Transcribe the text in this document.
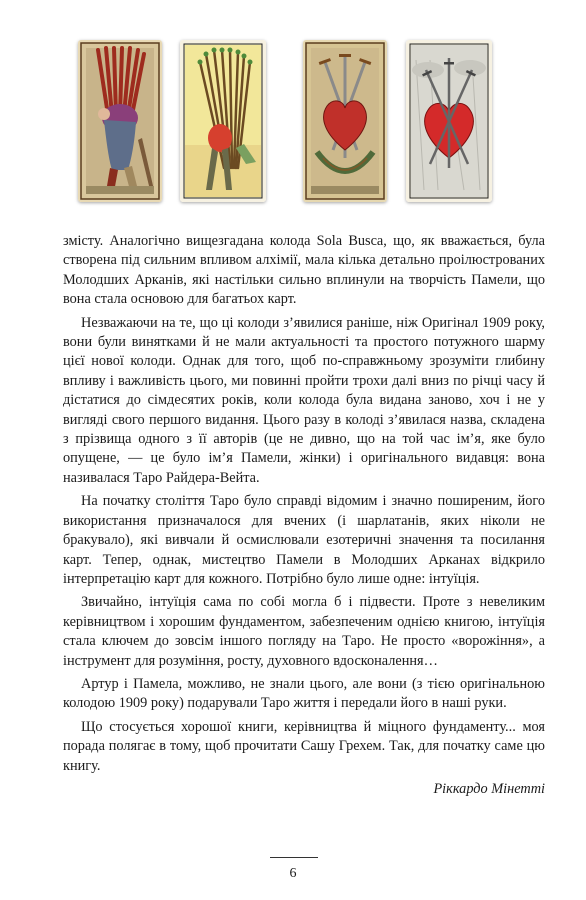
змісту. Аналогічно вищезгадана колода Sola Busca, що, як вважається, була створена під сильним впливом алхімії, мала кілька детально проілюстрованих Молодших Арканів, які настільки сильно вплинули на творчість Памели, що вона стала основою для багатьох карт.

Незважаючи на те, що ці колоди з’явилися раніше, ніж Оригінал 1909 року, вони були винятками й не мали актуальності та простого потужного шарму цієї нової колоди. Однак для того, щоб по-справжньому зрозуміти глибину впливу і важливість цього, ми повинні пройти трохи далі вниз по річці часу й дістатися до сімдесятих років, коли колода була видана заново, хоч і не у вигляді свого першого видання. Цього разу в колоді з’явилася назва, складена з прізвища одного з її авторів (це не дивно, що на той час ім’я, яке було опущене, — це було ім’я Памели, жінки) і оригінального видавця: вона називалася Таро Райдера-Вейта.

На початку століття Таро було справді відомим і значно поширеним, його використання призначалося для вчених (і шарлатанів, яких ніколи не бракувало), які вивчали й осмислювали езотеричні значення та посилання карт. Тепер, однак, мистецтво Памели в Молодших Арканах відкрило інтерпретацію карт для кожного. Потрібно було лише одне: інтуїція.

Звичайно, інтуїція сама по собі могла б і підвести. Проте з невеликим керівництвом і хорошим фундаментом, забезпеченим однією книгою, інтуїція стала ключем до зовсім іншого погляду на Таро. Не просто «ворожіння», а інструмент для розуміння, росту, духовного вдосконалення…

Артур і Памела, можливо, не знали цього, але вони (з тією оригінальною колодою 1909 року) подарували Таро життя і передали його в наші руки.

Що стосується хорошої книги, керівництва й міцного фундаменту... моя порада полягає в тому, щоб прочитати Сашу Грехем. Так, для початку саме цю книгу.

Ріккардо Мінетті
6
